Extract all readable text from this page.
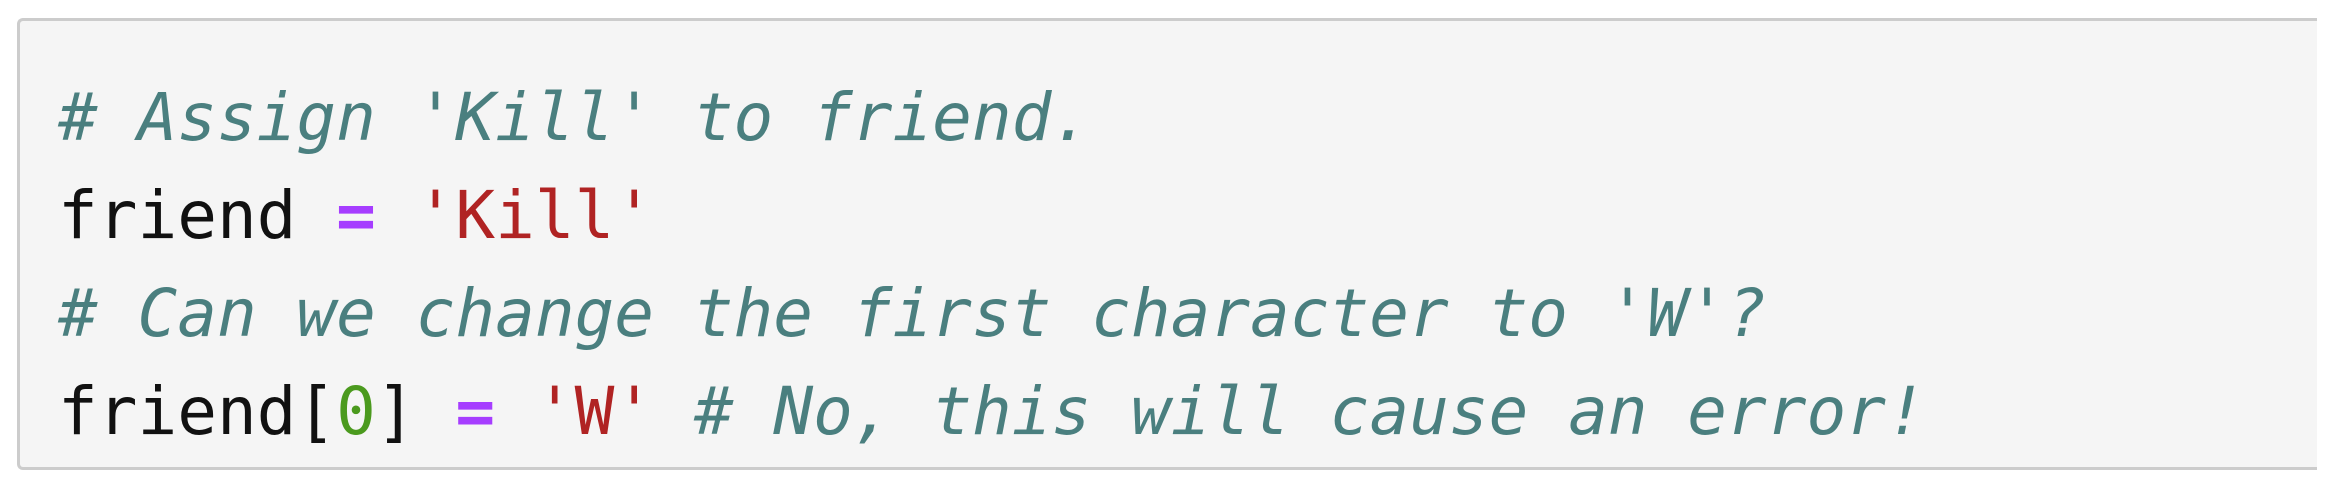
# Assign 'Kill' to friend.
friend = 'Kill'
# Can we change the first character to 'W'?
friend[0] = 'W' # No, this will cause an error!
